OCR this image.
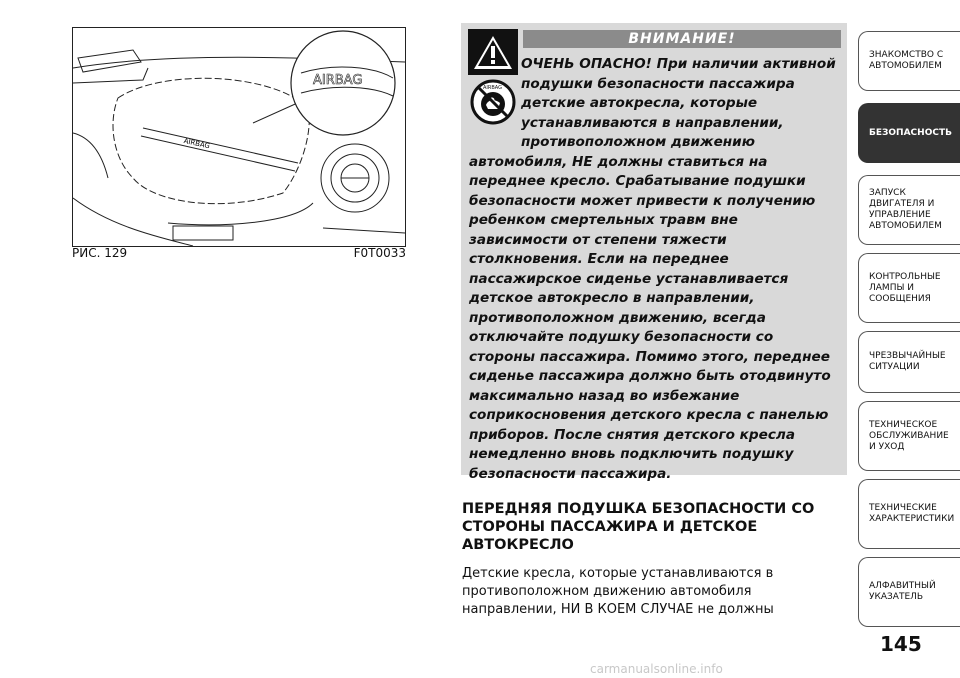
AIRBAG
AIRBAG
РИС. 129	F0T0033
ВНИМАНИЕ!
AIRBAG

ОЧЕНЬ ОПАСНО! При наличии активной подушки безопасности пассажира детские автокресла, которые устанавливаются в направлении, противоположном движению автомобиля, НЕ должны ставиться на переднее кресло. Срабатывание подушки безопасности может привести к получению ребенком смертельных травм вне зависимости от степени тяжести столкновения. Если на переднее пассажирское сиденье устанавливается детское автокресло в направлении, противоположном движению, всегда отключайте подушку безопасности со стороны пассажира. Помимо этого, переднее сиденье пассажира должно быть отодвинуто максимально назад во избежание соприкосновения детского кресла с панелью приборов. После снятия детского кресла немедленно вновь подключить подушку безопасности пассажира.

ПЕРЕДНЯЯ ПОДУШКА БЕЗОПАСНОСТИ СО СТОРОНЫ ПАССАЖИРА И ДЕТСКОЕ АВТОКРЕСЛО
Детские кресла, которые устанавливаются в противоположном движению автомобиля направлении, НИ В КОЕМ СЛУЧАЕ не должны
ЗНАКОМСТВО С АВТОМОБИЛЕМ
БЕЗОПАСНОСТЬ
ЗАПУСК ДВИГАТЕЛЯ И УПРАВЛЕНИЕ АВТОМОБИЛЕМ
КОНТРОЛЬНЫЕ ЛАМПЫ И СООБЩЕНИЯ
ЧРЕЗВЫЧАЙНЫЕ СИТУАЦИИ
ТЕХНИЧЕСКОЕ ОБСЛУЖИВАНИЕ И УХОД
ТЕХНИЧЕСКИЕ ХАРАКТЕРИСТИКИ
АЛФАВИТНЫЙ УКАЗАТЕЛЬ
145
carmanualsonline.info
